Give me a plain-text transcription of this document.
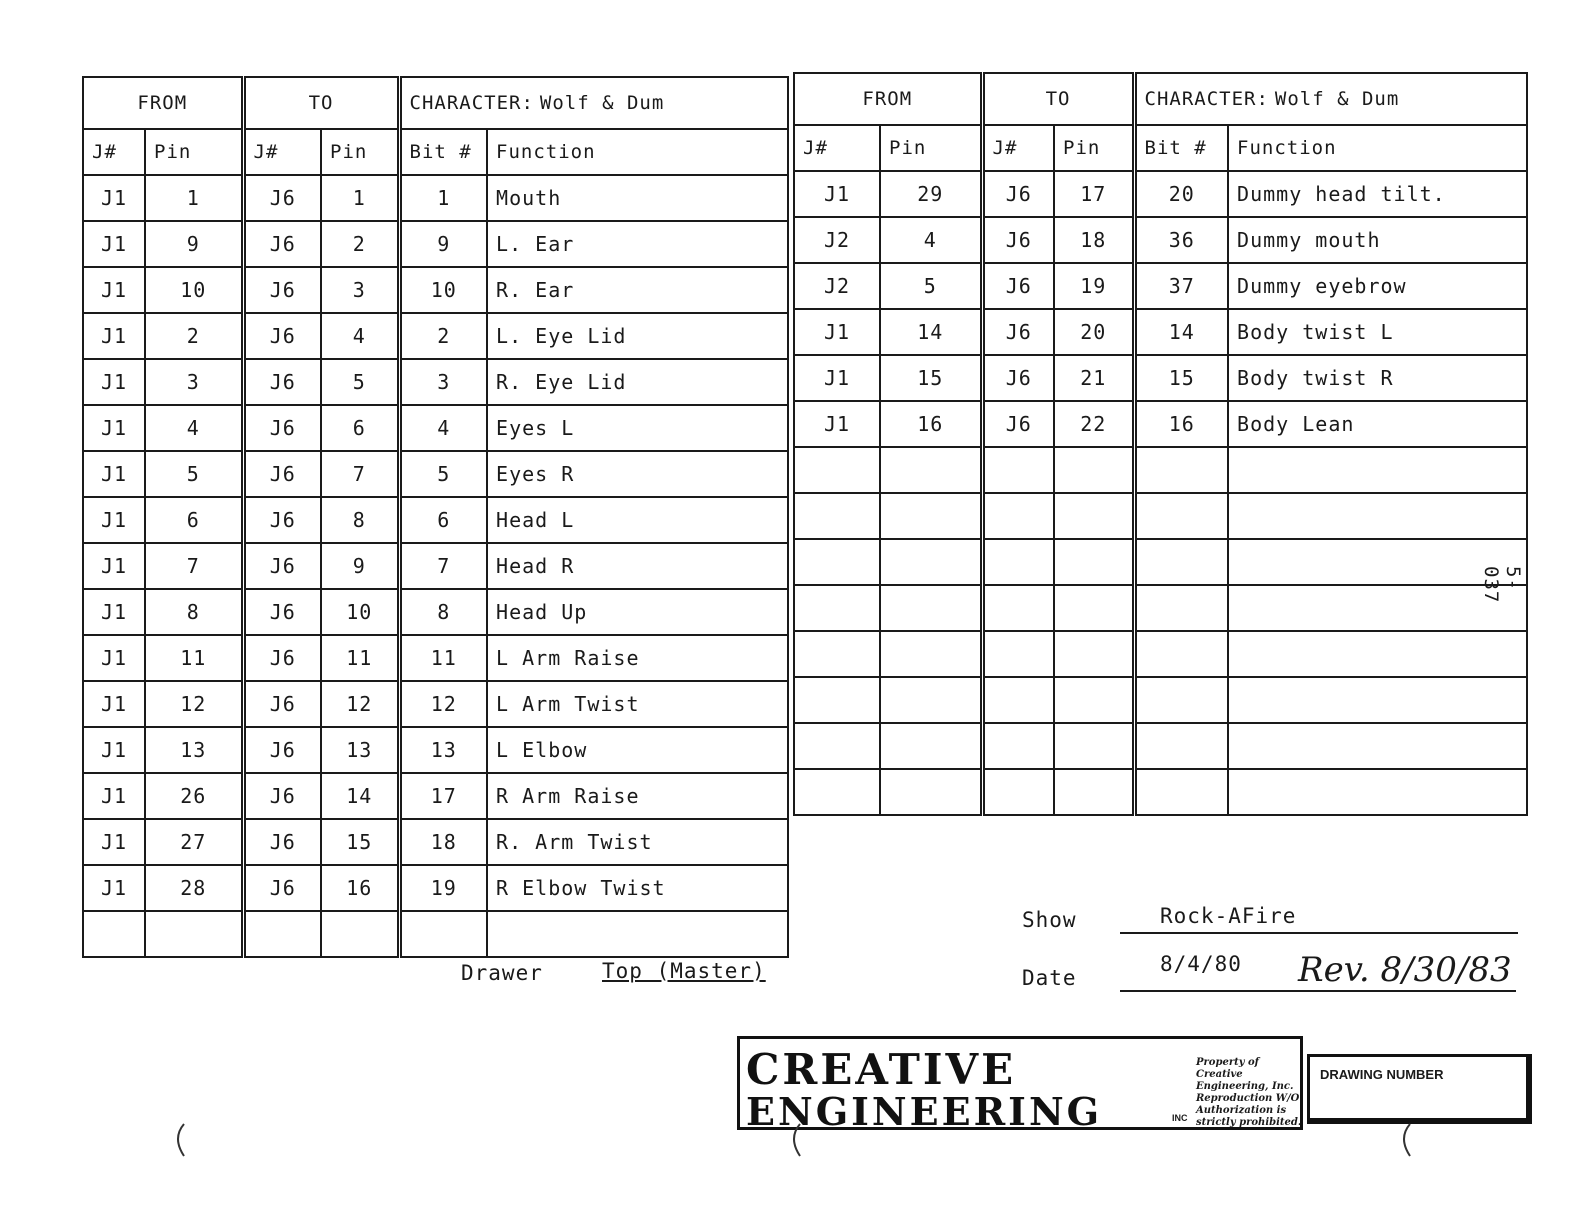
FROM		TO		CHARACTER: Wolf & Dum	
J#	Pin	J#	Pin	Bit #	Function
J1	1	J6	1	1	Mouth
J1	9	J6	2	9	L. Ear
J1	10	J6	3	10	R. Ear
J1	2	J6	4	2	L. Eye Lid
J1	3	J6	5	3	R. Eye Lid
J1	4	J6	6	4	Eyes L
J1	5	J6	7	5	Eyes R
J1	6	J6	8	6	Head L
J1	7	J6	9	7	Head R
J1	8	J6	10	8	Head Up
J1	11	J6	11	11	L Arm Raise
J1	12	J6	12	12	L Arm Twist
J1	13	J6	13	13	L Elbow
J1	26	J6	14	17	R Arm Raise
J1	27	J6	15	18	R. Arm Twist
J1	28	J6	16	19	R Elbow Twist

FROM		TO		CHARACTER: Wolf & Dum	
J#	Pin	J#	Pin	Bit #	Function
J1	29	J6	17	20	Dummy head tilt.
J2	4	J6	18	36	Dummy mouth
J2	5	J6	19	37	Dummy eyebrow
J1	14	J6	20	14	Body twist L
J1	15	J6	21	15	Body twist R
J1	16	J6	22	16	Body Lean

5-037
Show	Rock-AFire
Drawer	Top (Master)	Date
8/4/80 Rev. 8/30/83
CREATIVE
ENGINEERING	INC
Property of Creative Engineering, Inc. Reproduction W/O Authorization is strictly prohibited.
DRAWING NUMBER
